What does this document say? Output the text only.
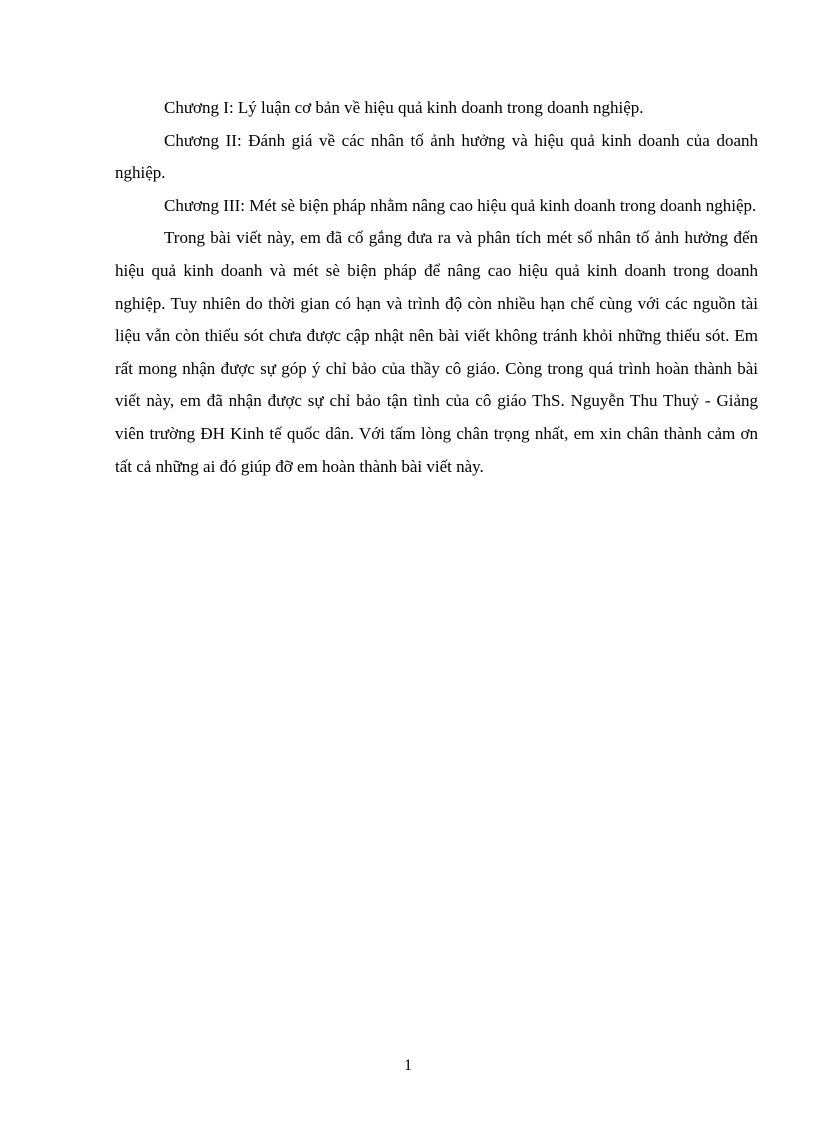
Chương I: Lý luận cơ bản về hiệu quả kinh doanh trong doanh nghiệp.

Chương II: Đánh giá về các nhân tố ảnh hưởng và hiệu quả kinh doanh của doanh nghiệp.

Chương III: Mét sè biện pháp nhằm nâng cao hiệu quả kinh doanh trong doanh nghiệp.

Trong bài viết này, em đã cố gắng đưa ra và phân tích mét số nhân tố ảnh hưởng đến hiệu quả kinh doanh và mét sè biện pháp để nâng cao hiệu quả kinh doanh trong doanh nghiệp. Tuy nhiên do thời gian có hạn và trình độ còn nhiều hạn chế cùng với các nguồn tài liệu vẫn còn thiếu sót chưa được cập nhật nên bài viết không tránh khỏi những thiếu sót. Em rất mong nhận được sự góp ý chỉ bảo của thầy cô giáo. Còng trong quá trình hoàn thành bài viết này, em đã nhận được sự chỉ bảo tận tình của cô giáo ThS. Nguyễn Thu Thuỷ - Giảng viên trường ĐH Kinh tế quốc dân. Với tấm lòng chân trọng nhất, em xin chân thành cảm ơn tất cả những ai đó giúp đỡ em hoàn thành bài viết này.

1
